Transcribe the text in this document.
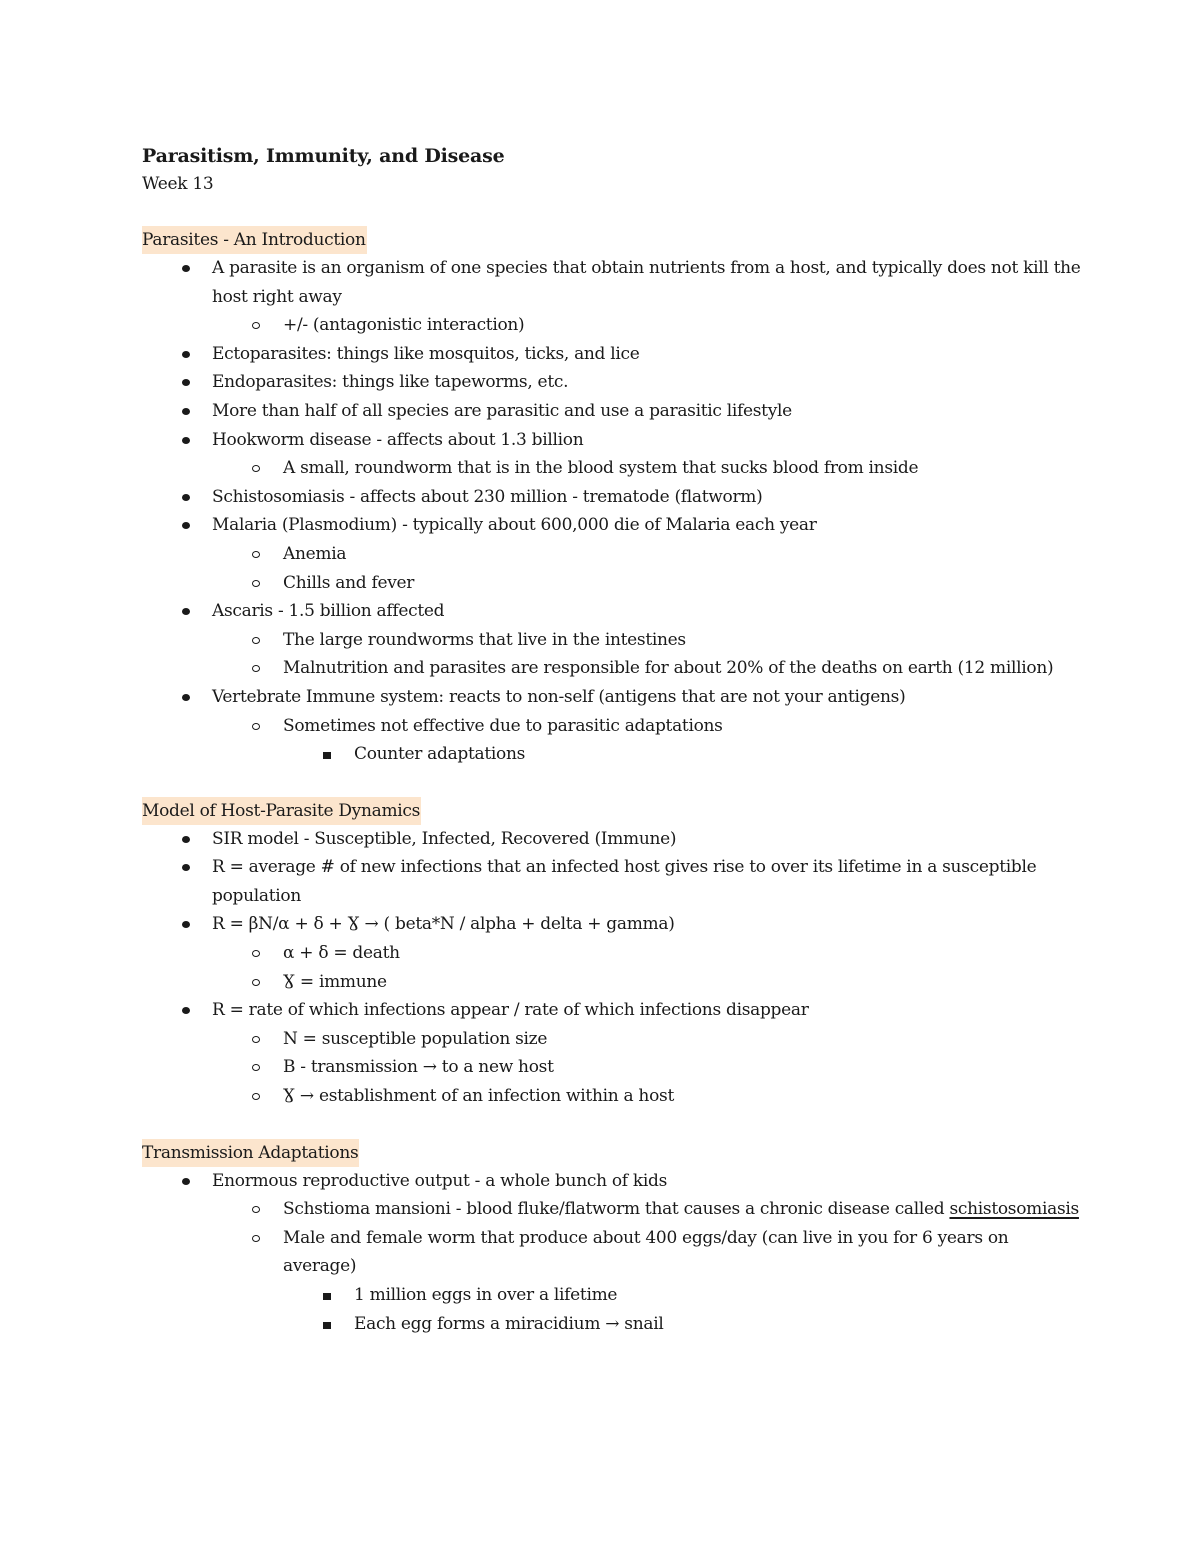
Parasitism, Immunity, and Disease

Week 13

Parasites - An Introduction

A parasite is an organism of one species that obtain nutrients from a host, and typically does not kill the host right away
+/- (antagonistic interaction)
Ectoparasites: things like mosquitos, ticks, and lice
Endoparasites: things like tapeworms, etc.
More than half of all species are parasitic and use a parasitic lifestyle
Hookworm disease - affects about 1.3 billion
A small, roundworm that is in the blood system that sucks blood from inside
Schistosomiasis - affects about 230 million - trematode (flatworm)
Malaria (Plasmodium) - typically about 600,000 die of Malaria each year
Anemia
Chills and fever
Ascaris - 1.5 billion affected
The large roundworms that live in the intestines
Malnutrition and parasites are responsible for about 20% of the deaths on earth (12 million)
Vertebrate Immune system: reacts to non-self (antigens that are not your antigens)
Sometimes not effective due to parasitic adaptations
Counter adaptations

Model of Host-Parasite Dynamics

SIR model - Susceptible, Infected, Recovered (Immune)
R = average # of new infections that an infected host gives rise to over its lifetime in a susceptible population
R = βN/α + δ + Ɣ → ( beta*N / alpha + delta + gamma)
α + δ = death
Ɣ = immune
R = rate of which infections appear / rate of which infections disappear
N = susceptible population size
B - transmission → to a new host
Ɣ → establishment of an infection within a host

Transmission Adaptations

Enormous reproductive output - a whole bunch of kids
Schstioma mansioni - blood fluke/flatworm that causes a chronic disease called schistosomiasis
Male and female worm that produce about 400 eggs/day (can live in you for 6 years on average)
1 million eggs in over a lifetime
Each egg forms a miracidium → snail
